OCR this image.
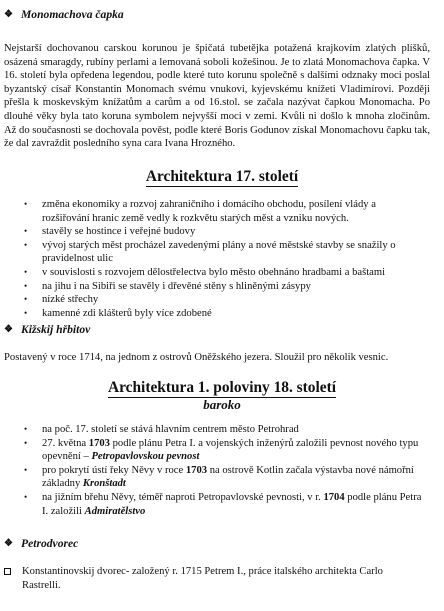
❖ Monomachova čapka

Nejstarší dochovanou carskou korunou je špičatá tubetějka potažená krajkovím zlatých plíšků, osázená smaragdy, rubíny perlami a lemovaná soboli kožešinou. Je to zlatá Monomachova čapka. V 16. století byla opředena legendou, podle které tuto korunu společně s dalšími odznaky moci poslal byzantský císař Konstantin Monomach svému vnukovi, kyjevskému knížeti Vladimírovi. Později přešla k moskevským knížatům a carům a od 16.stol. se začala nazývat čapkou Monomacha. Po dlouhé věky byla tato koruna symbolem nejvyšší moci v zemi. Kvůli ni došlo k mnoha zločinům. Až do současnosti se dochovala pověst, podle které Boris Godunov získal Monomachovu čapku tak, že dal zavraždit posledního syna cara Ivana Hrozného.

Architektura 17. století
•	změna ekonomiky a rozvoj zahraničního i domácího obchodu, posílení vlády a rozšiřování hranic země vedly k rozkvětu starých měst a vzniku nových.
•	stavěly se hostince i veřejné budovy
•	vývoj starých měst procházel zavedenými plány a nové městské stavby se snažily o pravidelnost ulic
•	v souvislosti s rozvojem dělostřelectva bylo město obehnáno hradbami a baštami
•	na jihu i na Sibiři se stavěly i dřevěné stěny s hliněnými zásypy
•	nízké střechy
•	kamenné zdi klášterů byly více zdobené
❖ Kižskij hřbitov

Postavený v roce 1714, na jednom z ostrovů Oněžského jezera. Sloužil pro několik vesnic.

Architektura 1. poloviny 18. století
baroko
•	na poč. 17. století se stává hlavním centrem město Petrohrad
•	27. května 1703 podle plánu Petra I. a vojenských inženýrů založili pevnost nového typu opevnění – Petropavlovskou pevnost
•	pro pokrytí ústí řeky Něvy v roce 1703 na ostrově Kotlin začala výstavba nové námořní základny Kronštadt
•	na jižním břehu Něvy, téměř naproti Petropavlovské pevnosti, v r. 1704 podle plánu Petra I. založili Admiratělstvo
❖ Petrodvorec
Konstantinovskij dvorec- založený r. 1715 Petrem I., práce italského architekta Carlo Rastrelli.
